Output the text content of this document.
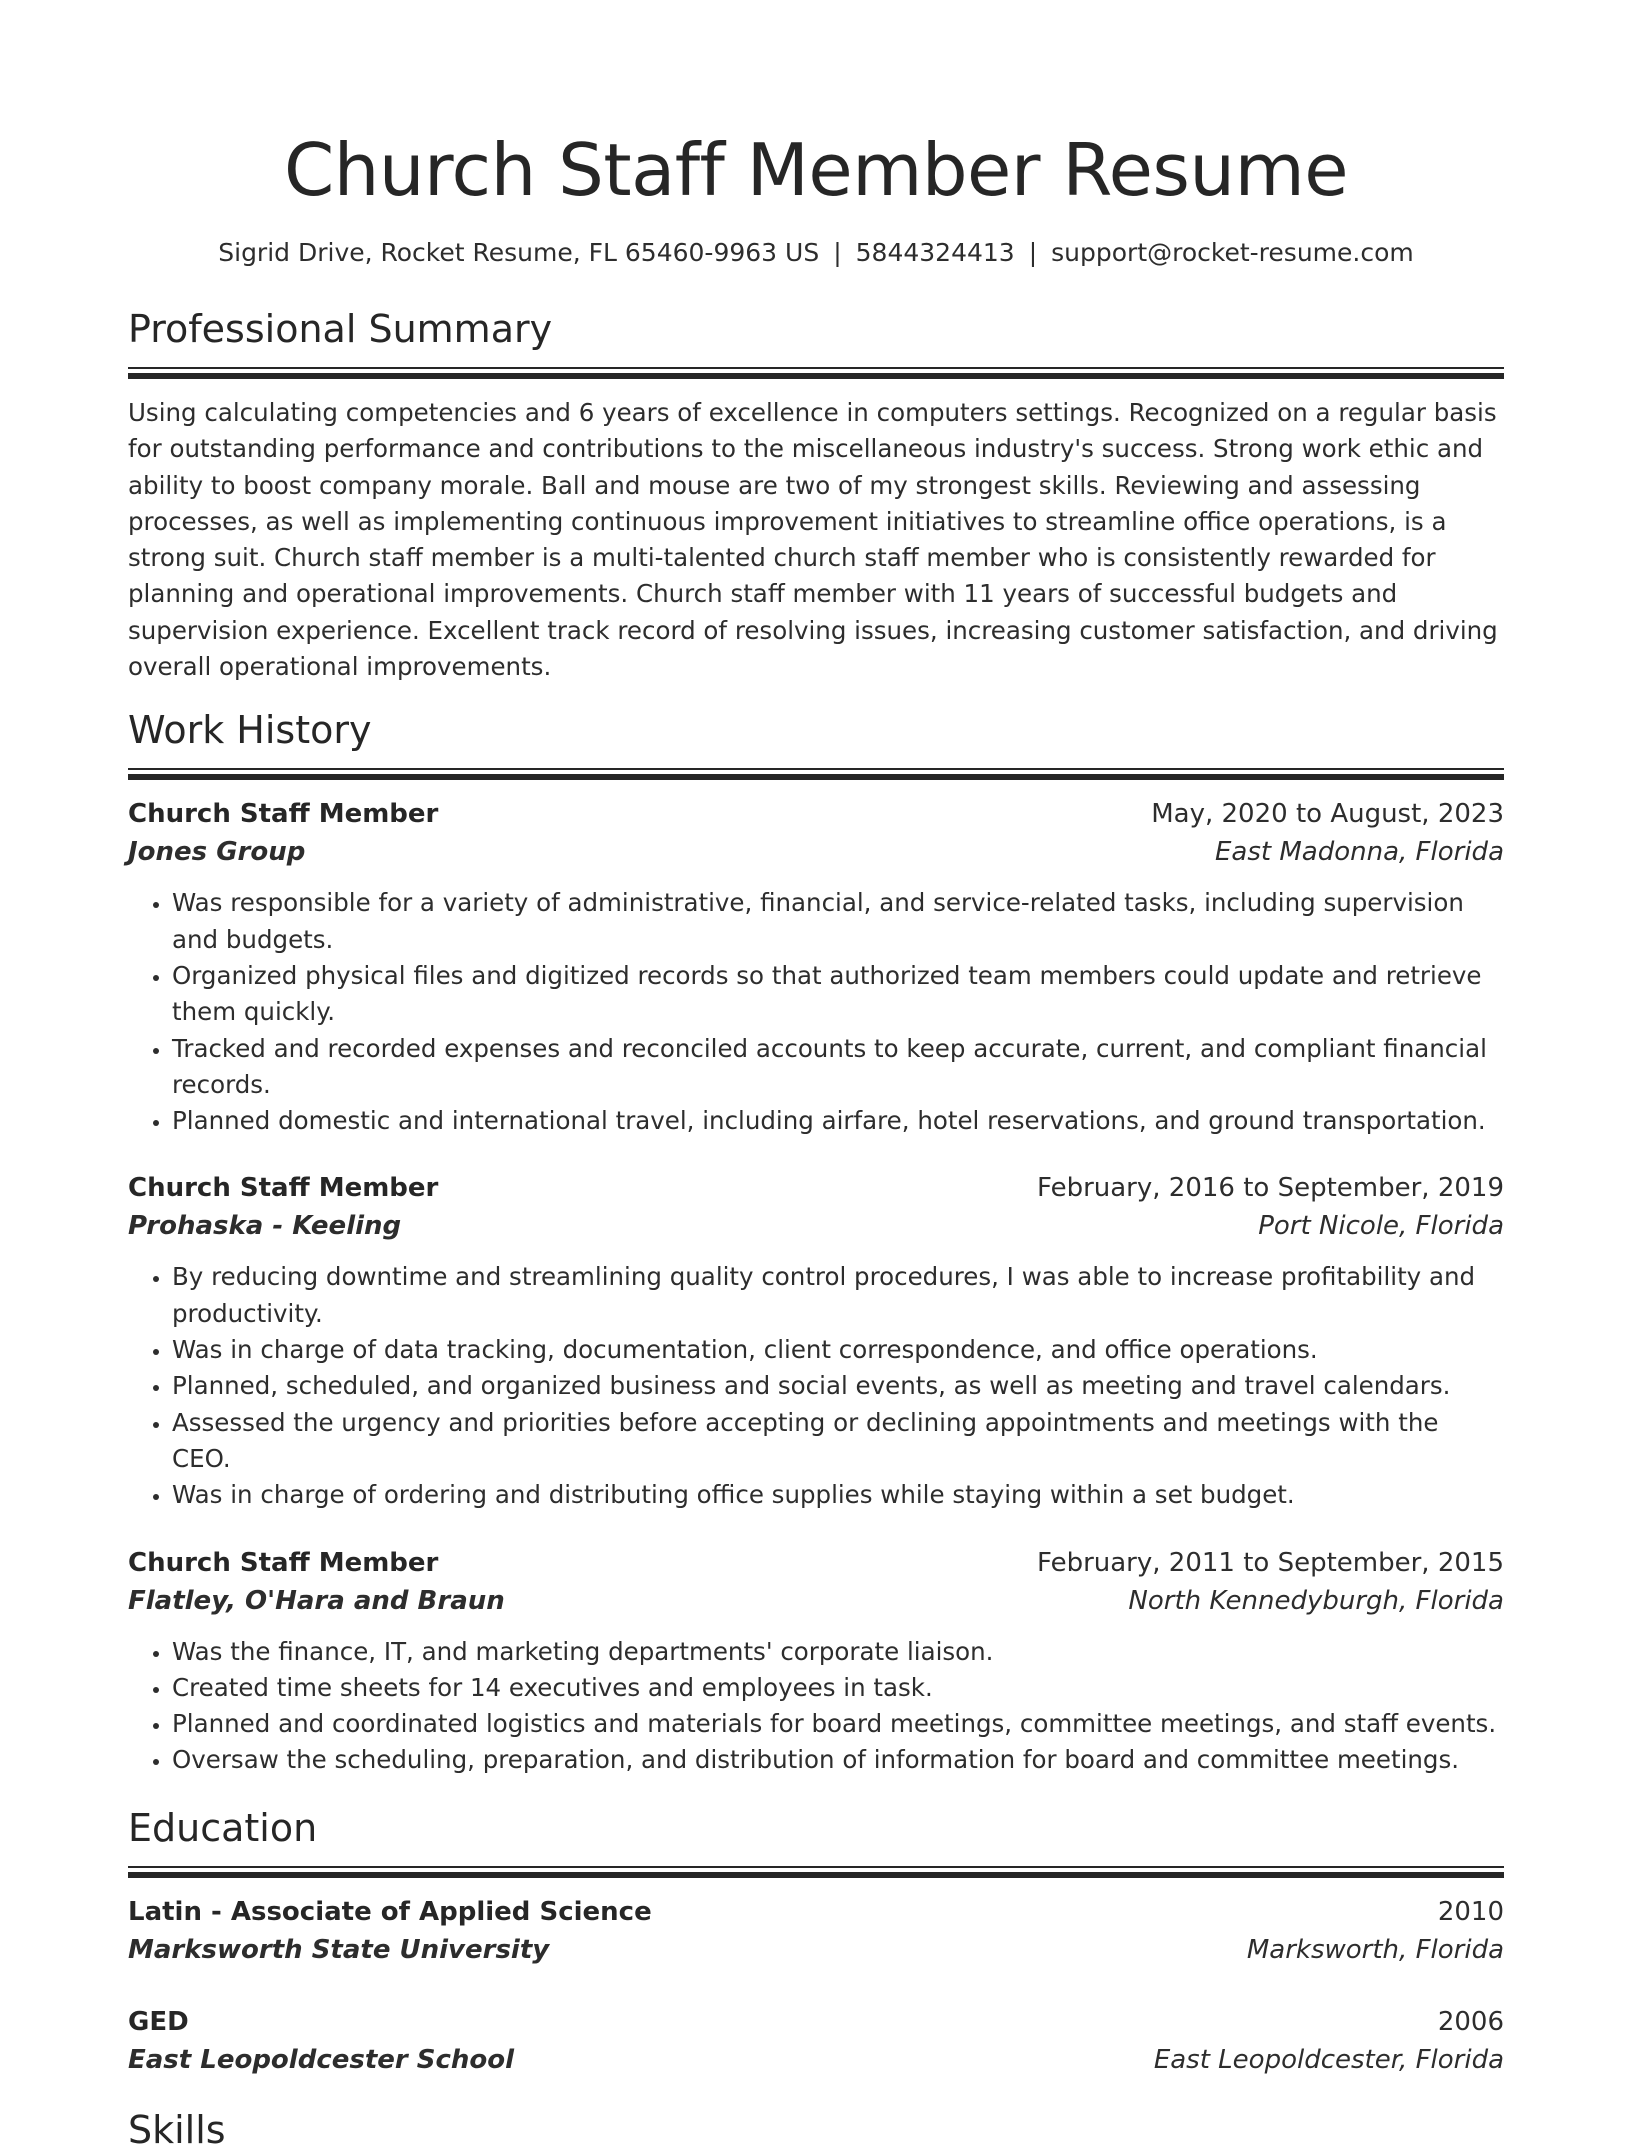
Church Staff Member Resume
Sigrid Drive, Rocket Resume, FL 65460-9963 US | 5844324413 | support@rocket-resume.com
Professional Summary

Using calculating competencies and 6 years of excellence in computers settings. Recognized on a regular basis for outstanding performance and contributions to the miscellaneous industry's success. Strong work ethic and ability to boost company morale. Ball and mouse are two of my strongest skills. Reviewing and assessing processes, as well as implementing continuous improvement initiatives to streamline office operations, is a strong suit. Church staff member is a multi-talented church staff member who is consistently rewarded for planning and operational improvements. Church staff member with 11 years of successful budgets and supervision experience. Excellent track record of resolving issues, increasing customer satisfaction, and driving overall operational improvements.

Work History
Church Staff Member	May, 2020 to August, 2023
Jones Group	East Madonna, Florida
• Was responsible for a variety of administrative, financial, and service-related tasks, including supervision and budgets.
• Organized physical files and digitized records so that authorized team members could update and retrieve them quickly.
• Tracked and recorded expenses and reconciled accounts to keep accurate, current, and compliant financial records.
• Planned domestic and international travel, including airfare, hotel reservations, and ground transportation.
Church Staff Member	February, 2016 to September, 2019
Prohaska - Keeling	Port Nicole, Florida
• By reducing downtime and streamlining quality control procedures, I was able to increase profitability and productivity.
• Was in charge of data tracking, documentation, client correspondence, and office operations.
• Planned, scheduled, and organized business and social events, as well as meeting and travel calendars.
• Assessed the urgency and priorities before accepting or declining appointments and meetings with the CEO.
• Was in charge of ordering and distributing office supplies while staying within a set budget.
Church Staff Member	February, 2011 to September, 2015
Flatley, O'Hara and Braun	North Kennedyburgh, Florida
• Was the finance, IT, and marketing departments' corporate liaison.
• Created time sheets for 14 executives and employees in task.
• Planned and coordinated logistics and materials for board meetings, committee meetings, and staff events.
• Oversaw the scheduling, preparation, and distribution of information for board and committee meetings.
Education
Latin - Associate of Applied Science	2010
Marksworth State University	Marksworth, Florida
GED	2006
East Leopoldcester School	East Leopoldcester, Florida
Skills
